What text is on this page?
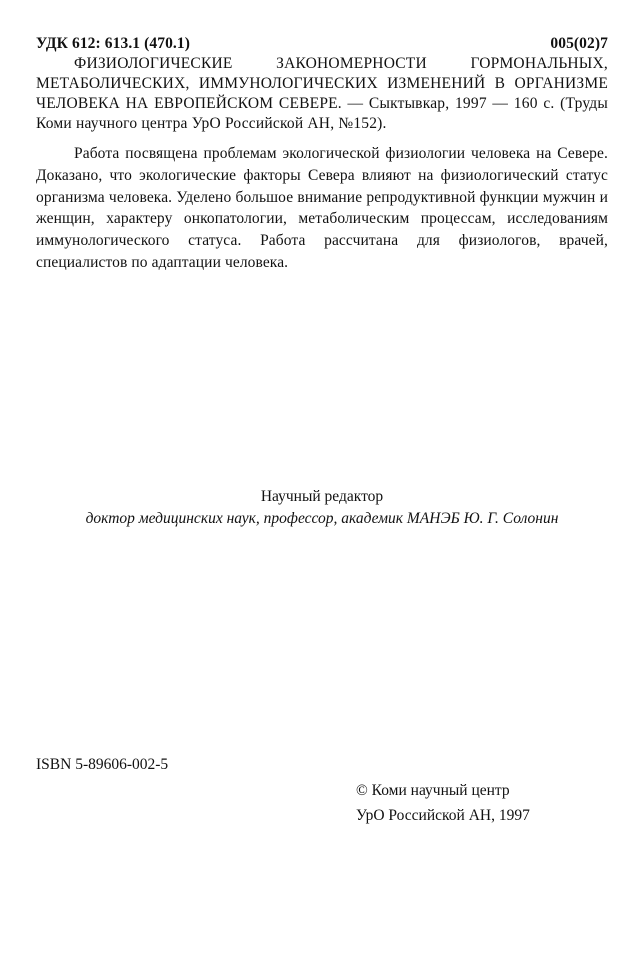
УДК 612: 613.1 (470.1)	005(02)7

ФИЗИОЛОГИЧЕСКИЕ ЗАКОНОМЕРНОСТИ ГОРМОНАЛЬНЫХ, МЕТАБОЛИЧЕСКИХ, ИММУНОЛОГИЧЕСКИХ ИЗМЕНЕНИЙ В ОРГАНИЗМЕ ЧЕЛОВЕКА НА ЕВРОПЕЙСКОМ СЕВЕРЕ. — Сыктывкар, 1997 — 160 с. (Труды Коми научного центра УрО Российской АН, №152).

Работа посвящена проблемам экологической физиологии человека на Севере. Доказано, что экологические факторы Севера влияют на физиологический статус организма человека. Уделено большое внимание репродуктивной функции мужчин и женщин, характеру онкопатологии, метаболическим процессам, исследованиям иммунологического статуса. Работа рассчитана для физиологов, врачей, специалистов по адаптации человека.

Научный редактор
доктор медицинских наук, профессор, академик МАНЭБ Ю. Г. Солонин
ISBN 5-89606-002-5
© Коми научный центр
УрО Российской АН, 1997
